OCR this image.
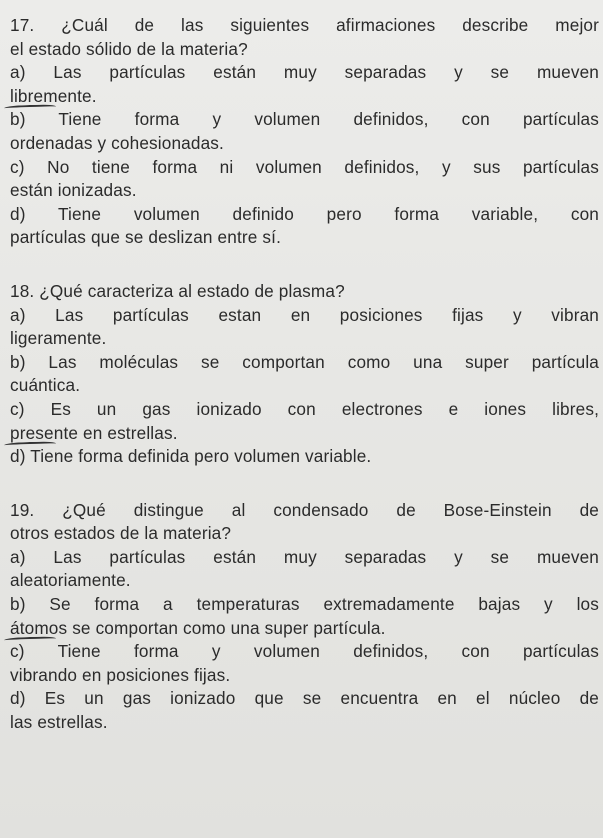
17. ¿Cuál de las siguientes afirmaciones describe mejor
el estado sólido de la materia?
a) Las partículas están muy separadas y se mueven
libremente.
b) Tiene forma y volumen definidos, con partículas
ordenadas y cohesionadas.
c) No tiene forma ni volumen definidos, y sus partículas
están ionizadas.
d) Tiene volumen definido pero forma variable, con
partículas que se deslizan entre sí.
18. ¿Qué caracteriza al estado de plasma?
a) Las partículas estan en posiciones fijas y vibran
ligeramente.
b) Las moléculas se comportan como una super partícula
cuántica.
c) Es un gas ionizado con electrones e iones libres,
presente en estrellas.
d) Tiene forma definida pero volumen variable.
19. ¿Qué distingue al condensado de Bose-Einstein de
otros estados de la materia?
a) Las partículas están muy separadas y se mueven
aleatoriamente.
b) Se forma a temperaturas extremadamente bajas y los
átomos se comportan como una super partícula.
c) Tiene forma y volumen definidos, con partículas
vibrando en posiciones fijas.
d) Es un gas ionizado que se encuentra en el núcleo de
las estrellas.
